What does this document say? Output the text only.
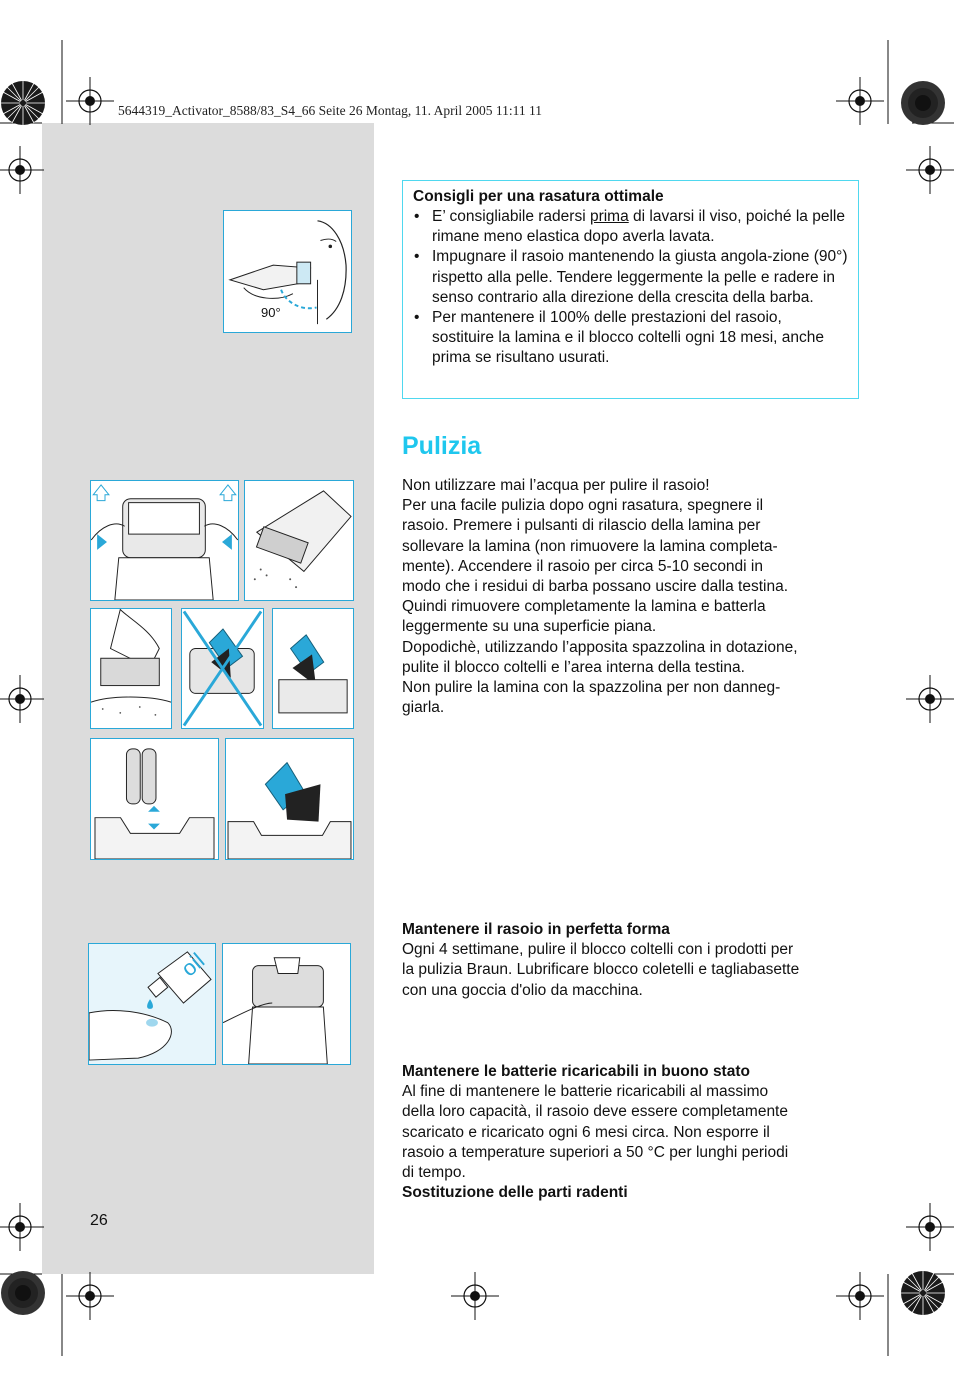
5644319_Activator_8588/83_S4_66 Seite 26 Montag, 11. April 2005 11:11 11
90°
oil
Consigli per una rasatura ottimale
• E’ consigliabile radersi prima di lavarsi il viso, poiché la pelle rimane meno elastica dopo averla lavata.
• Impugnare il rasoio mantenendo la giusta angola-zione (90°) rispetto alla pelle. Tendere leggermente la pelle e radere in senso contrario alla direzione della crescita della barba.
• Per mantenere il 100% delle prestazioni del rasoio, sostituire la lamina e il blocco coltelli ogni 18 mesi, anche prima se risultano usurati.
Pulizia
Non utilizzare mai l’acqua per pulire il rasoio!
Per una facile pulizia dopo ogni rasatura, spegnere il
rasoio. Premere i pulsanti di rilascio della lamina per
sollevare la lamina (non rimuovere la lamina completa-
mente). Accendere il rasoio per circa 5-10 secondi in
modo che i residui di barba possano uscire dalla testina.
Quindi rimuovere completamente la lamina e batterla
leggermente su una superficie piana.
Dopodichè, utilizzando l’apposita spazzolina in dotazione,
pulite il blocco coltelli e l’area interna della testina.
Non pulire la lamina con la spazzolina per non danneg-
giarla.
Mantenere il rasoio in perfetta forma
Ogni 4 settimane, pulire il blocco coltelli con i prodotti per
la pulizia Braun. Lubrificare blocco coletelli e tagliabasette
con una goccia d'olio da macchina.
Mantenere le batterie ricaricabili in buono stato
Al fine di mantenere le batterie ricaricabili al massimo
della loro capacità, il rasoio deve essere completamente
scaricato e ricaricato ogni 6 mesi circa. Non esporre il
rasoio a temperature superiori a 50 °C per lunghi periodi
di tempo.
Sostituzione delle parti radenti
26
